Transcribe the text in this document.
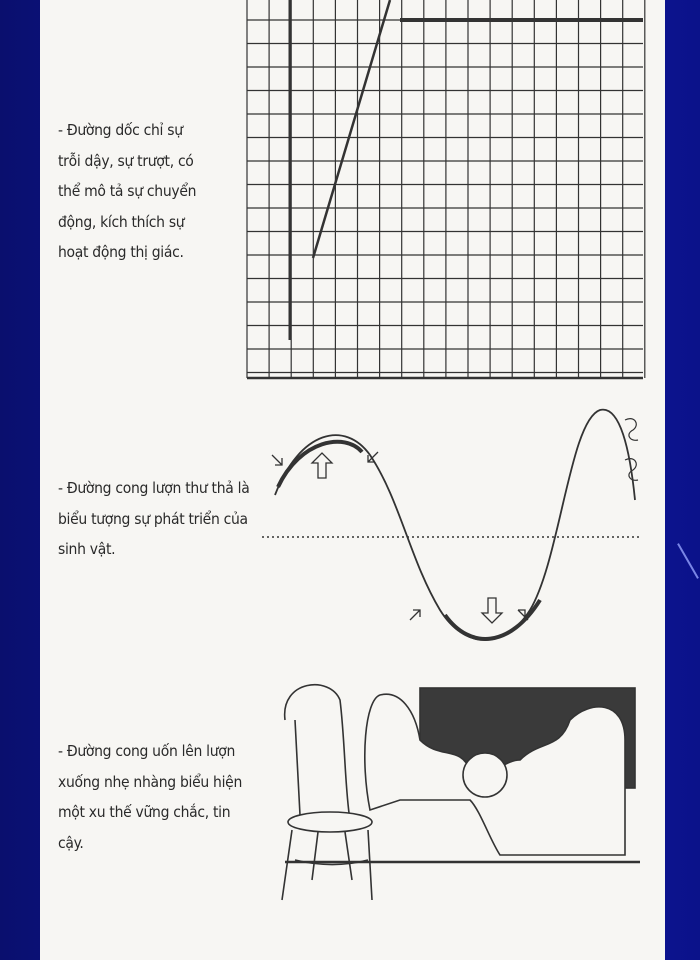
- Đường dốc chỉ sự
trỗi dậy, sự trượt, có
thể mô tả sự chuyển
động, kích thích sự
hoạt động thị giác.
- Đường cong lượn thư thả là
biểu tượng sự phát triển của
sinh vật.
- Đường cong uốn lên lượn
xuống nhẹ nhàng biểu hiện
một xu thế vững chắc, tin
cậy.
